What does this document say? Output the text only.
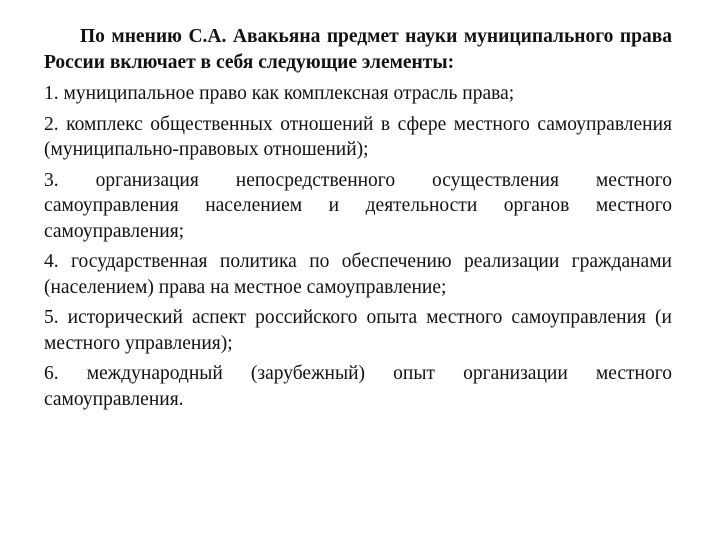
По мнению С.А. Авакьяна предмет науки муниципального права России включает в себя следующие элементы:

1. муниципальное право как комплексная отрасль права;

2. комплекс общественных отношений в сфере местного самоуправления (муниципально-правовых отношений);

3. организация непосредственного осуществления местного самоуправления населением и деятельности органов местного самоуправления;

4. государственная политика по обеспечению реализации гражданами (населением) права на местное самоуправление;

5. исторический аспект российского опыта местного самоуправления (и местного управления);

6. международный (зарубежный) опыт организации местного самоуправления.
